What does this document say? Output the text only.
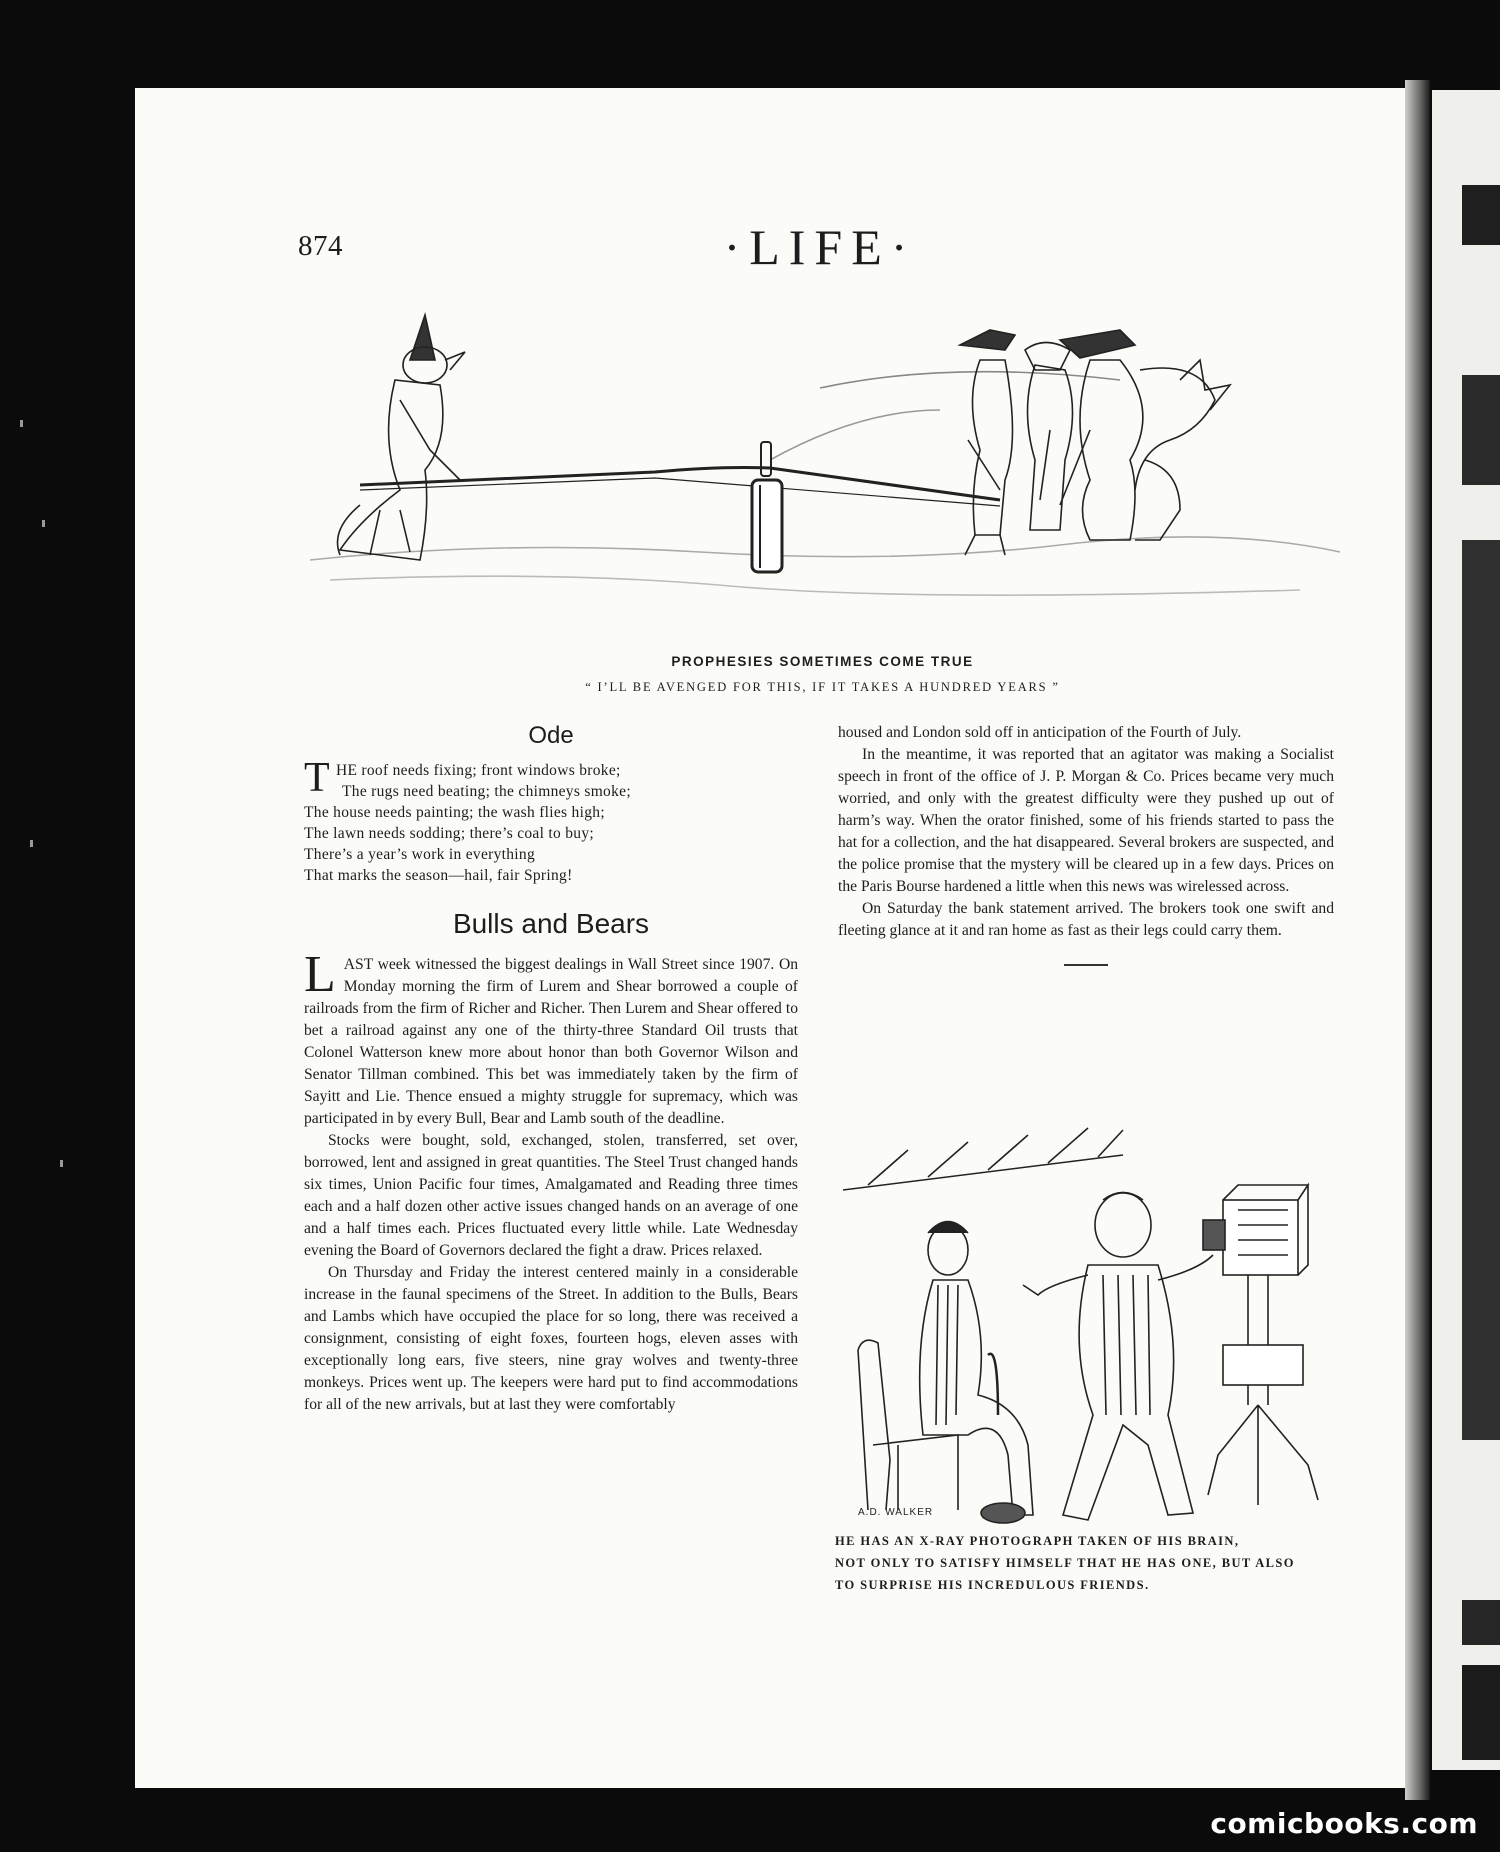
874	·LIFE·
PROPHESIES SOMETIMES COME TRUE
“ I’LL BE AVENGED FOR THIS, IF IT TAKES A HUNDRED YEARS ”
Ode
T HE roof needs fixing; front windows broke;
The rugs need beating; the chimneys smoke;
The house needs painting; the wash flies high;
The lawn needs sodding; there’s coal to buy;
There’s a year’s work in everything
That marks the season—hail, fair Spring!
Bulls and Bears

LAST week witnessed the biggest dealings in Wall Street since 1907. On Monday morning the firm of Lurem and Shear borrowed a couple of railroads from the firm of Richer and Richer. Then Lurem and Shear offered to bet a railroad against any one of the thirty-three Standard Oil trusts that Colonel Watterson knew more about honor than both Governor Wilson and Senator Tillman combined. This bet was immediately taken by the firm of Sayitt and Lie. Thence ensued a mighty struggle for supremacy, which was participated in by every Bull, Bear and Lamb south of the deadline.

Stocks were bought, sold, exchanged, stolen, transferred, set over, borrowed, lent and assigned in great quantities. The Steel Trust changed hands six times, Union Pacific four times, Amalgamated and Reading three times each and a half dozen other active issues changed hands on an average of one and a half times each. Prices fluctuated every little while. Late Wednesday evening the Board of Governors declared the fight a draw. Prices relaxed.

On Thursday and Friday the interest centered mainly in a considerable increase in the faunal specimens of the Street. In addition to the Bulls, Bears and Lambs which have occupied the place for so long, there was received a consignment, consisting of eight foxes, fourteen hogs, eleven asses with exceptionally long ears, five steers, nine gray wolves and twenty-three monkeys. Prices went up. The keepers were hard put to find accommodations for all of the new arrivals, but at last they were comfortably

housed and London sold off in anticipation of the Fourth of July.

In the meantime, it was reported that an agitator was making a Socialist speech in front of the office of J. P. Morgan & Co. Prices became very much worried, and only with the greatest difficulty were they pushed up out of harm’s way. When the orator finished, some of his friends started to pass the hat for a collection, and the hat disappeared. Several brokers are suspected, and the police promise that the mystery will be cleared up in a few days. Prices on the Paris Bourse hardened a little when this news was wirelessed across.

On Saturday the bank statement arrived. The brokers took one swift and fleeting glance at it and ran home as fast as their legs could carry them.

A.D. WALKER
HE HAS AN X-RAY PHOTOGRAPH TAKEN OF HIS BRAIN,
NOT ONLY TO SATISFY HIMSELF THAT HE HAS ONE, BUT ALSO
TO SURPRISE HIS INCREDULOUS FRIENDS.
comicbooks.com
